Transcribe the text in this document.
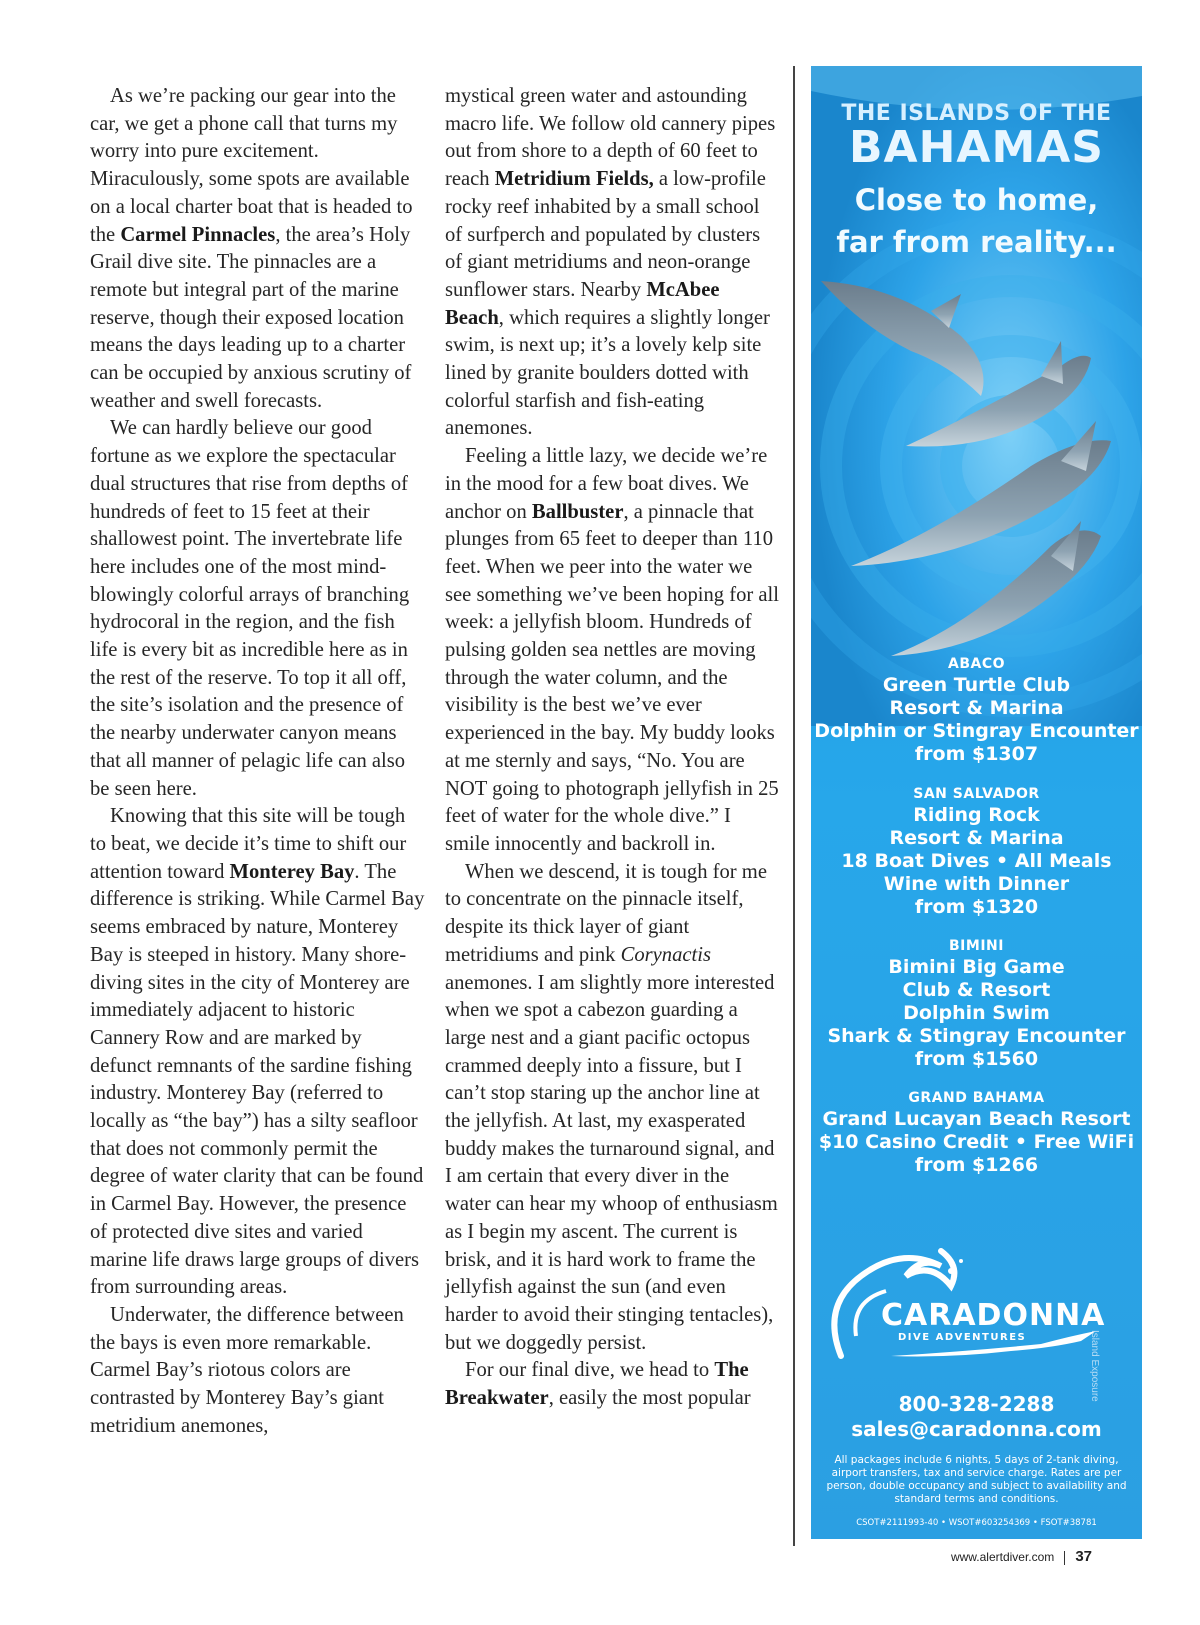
As we’re packing our gear into the car, we get a phone call that turns my worry into pure excitement. Miraculously, some spots are available on a local charter boat that is headed to the Carmel Pinnacles, the area’s Holy Grail dive site. The pinnacles are a remote but integral part of the marine reserve, though their exposed location means the days leading up to a charter can be occupied by anxious scrutiny of weather and swell forecasts.

We can hardly believe our good fortune as we explore the spectacular dual structures that rise from depths of hundreds of feet to 15 feet at their shallowest point. The invertebrate life here includes one of the most mind-blowingly colorful arrays of branching hydrocoral in the region, and the fish life is every bit as incredible here as in the rest of the reserve. To top it all off, the site’s isolation and the presence of the nearby underwater canyon means that all manner of pelagic life can also be seen here.

Knowing that this site will be tough to beat, we decide it’s time to shift our attention toward Monterey Bay. The difference is striking. While Carmel Bay seems embraced by nature, Monterey Bay is steeped in history. Many shore-diving sites in the city of Monterey are immediately adjacent to historic Cannery Row and are marked by defunct remnants of the sardine fishing industry. Monterey Bay (referred to locally as “the bay”) has a silty seafloor that does not commonly permit the degree of water clarity that can be found in Carmel Bay. However, the presence of protected dive sites and varied marine life draws large groups of divers from surrounding areas.

Underwater, the difference between the bays is even more remarkable. Carmel Bay’s riotous colors are contrasted by Monterey Bay’s giant metridium anemones,

mystical green water and astounding macro life. We follow old cannery pipes out from shore to a depth of 60 feet to reach Metridium Fields, a low-profile rocky reef inhabited by a small school of surfperch and populated by clusters of giant metridiums and neon-orange sunflower stars. Nearby McAbee Beach, which requires a slightly longer swim, is next up; it’s a lovely kelp site lined by granite boulders dotted with colorful starfish and fish-eating anemones.

Feeling a little lazy, we decide we’re in the mood for a few boat dives. We anchor on Ballbuster, a pinnacle that plunges from 65 feet to deeper than 110 feet. When we peer into the water we see something we’ve been hoping for all week: a jellyfish bloom. Hundreds of pulsing golden sea nettles are moving through the water column, and the visibility is the best we’ve ever experienced in the bay. My buddy looks at me sternly and says, “No. You are NOT going to photograph jellyfish in 25 feet of water for the whole dive.” I smile innocently and backroll in.

When we descend, it is tough for me to concentrate on the pinnacle itself, despite its thick layer of giant metridiums and pink Corynactis anemones. I am slightly more interested when we spot a cabezon guarding a large nest and a giant pacific octopus crammed deeply into a fissure, but I can’t stop staring up the anchor line at the jellyfish. At last, my exasperated buddy makes the turnaround signal, and I am certain that every diver in the water can hear my whoop of enthusiasm as I begin my ascent. The current is brisk, and it is hard work to frame the jellyfish against the sun (and even harder to avoid their stinging tentacles), but we doggedly persist.

For our final dive, we head to The Breakwater, easily the most popular

THE ISLANDS OF THE
BAHAMAS
Close to home,
far from reality...
ABACO
Green Turtle Club
Resort & Marina
Dolphin or Stingray Encounter
from $1307
SAN SALVADOR
Riding Rock
Resort & Marina
18 Boat Dives • All Meals
Wine with Dinner
from $1320
BIMINI
Bimini Big Game
Club & Resort
Dolphin Swim
Shark & Stingray Encounter
from $1560
GRAND BAHAMA
Grand Lucayan Beach Resort
$10 Casino Credit • Free WiFi
from $1266
CARADONNA
DIVE ADVENTURES
800-328-2288
sales@caradonna.com
All packages include 6 nights, 5 days of 2-tank diving, airport transfers, tax and service charge. Rates are per person, double occupancy and subject to availability and standard terms and conditions.
CSOT#2111993-40 • WSOT#603254369 • FSOT#38781
Island Exposure
www.alertdiver.com 37
